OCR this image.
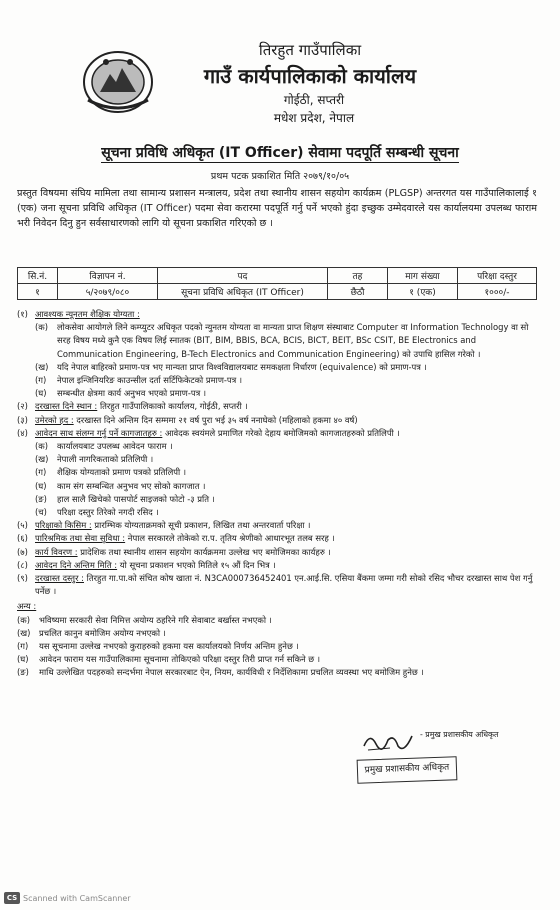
तिरहुत गाउँपालिका
गाउँ कार्यपालिकाको कार्यालय
गोईठी, सप्तरी
मधेश प्रदेश, नेपाल
सूचना प्रविधि अधिकृत (IT Officer) सेवामा पदपूर्ति सम्बन्धी सूचना
प्रथम पटक प्रकाशित मिति २०७९/१०/०५
प्रस्तुत विषयमा संघिय मामिला तथा सामान्य प्रशासन मन्त्रालय, प्रदेश तथा स्थानीय शासन सहयोग कार्यक्रम (PLGSP) अन्तरगत यस गाउँपालिकालाई १ (एक) जना सूचना प्रविधि अधिकृत (IT Officer) पदमा सेवा करारमा पदपूर्ति गर्नु पर्ने भएको हुंदा इच्छुक उम्मेदवारले यस कार्यालयमा उपलब्ध फाराम भरी निवेदन दिनु हुन सर्वसाधारणको लागि यो सूचना प्रकाशित गरिएको छ ।
सि.नं.	विज्ञापन नं.	पद	तह	माग संख्या	परिक्षा दस्तुर
१	५/२०७९/०८०	सूचना प्रविधि अधिकृत (IT Officer)	छैठौ	१ (एक)	१०००/-
(१) आवश्यक न्यूनतम शैक्षिक योग्यता :
(क)	लोकसेवा आयोगले लिने कम्प्युटर अधिकृत पदको न्युनतम योग्यता वा मान्यता प्राप्त शिक्षण संस्थाबाट Computer वा Information Technology वा सो सरह विषय मध्ये कुनै एक विषय लिई स्नातक (BIT, BIM, BBIS, BCA, BCIS, BICT, BEIT, BSc CSIT, BE Electronics and Communication Engineering, B-Tech Electronics and Communication Engineering) को उपाधि हासिल गरेको ।
(ख)	यदि नेपाल बाहिरको प्रमाण-पत्र भए मान्यता प्राप्त विश्वविद्यालयबाट समकक्षता निर्धारण (equivalence) को प्रमाण-पत्र ।
(ग)	नेपाल इन्जिनियरिङ काउन्सील दर्ता सर्टिफिकेटको प्रमाण-पत्र ।
(घ)	सम्बन्धीत क्षेत्रमा कार्य अनुभव भएको प्रमाण-पत्र ।
(२) दरखास्त दिने स्थान : तिरहुत गाउँपालिकाको कार्यालय, गोईठी, सप्तरी ।
(३) उमेरको हद : दरखास्त दिने अन्तिम दिन सम्ममा २१ वर्ष पुरा भई ३५ वर्ष ननाघेको (महिलाको हकमा ४० वर्ष)
(४) आवेदन साथ संलग्न गर्नु पर्ने कागजातहरु : आवेदक स्वयंमले प्रमाणित गरेको देहाय बमोजिमको कागजातहरुको प्रतिलिपी ।
(क)	कार्यालयबाट उपलब्ध आवेदन फाराम ।
(ख)	नेपाली नागरिकताको प्रतिलिपी ।
(ग)	शैक्षिक योग्यताको प्रमाण पत्रको प्रतिलिपी ।
(घ)	काम संग सम्बन्धित अनुभव भए सोको कागजात ।
(ङ)	हाल सालै खिचेको पासपोर्ट साइजको फोटो -३ प्रति ।
(च)	परिक्षा दस्तुर तिरेको नगदी रसिद ।
(५) परिक्षाको किसिम : प्रारम्भिक योग्यताक्रमको सूची प्रकाशन, लिखित तथा अन्तरवार्ता परिक्षा ।
(६) पारिश्रमिक तथा सेवा सुविधा : नेपाल सरकारले तोकेको रा.प. तृतिय श्रेणीको आधारभूत तलब सरह ।
(७) कार्य विवरण : प्रादेशिक तथा स्थानीय शासन सहयोग कार्यक्रममा उल्लेख भए बमोजिमका कार्यहरु ।
(८) आवेदन दिने अन्तिम मिति : यो सूचना प्रकाशन भएको मितिले १५ औं दिन भित्र ।
(९) दरखास्त दस्तुर : तिरहुत गा.पा.को संचित कोष खाता नं. N3CA000736452401 एन.आई.सि. एसिया बैंकमा जम्मा गरी सोको रसिद भौचर दरखास्त साथ पेश गर्नु पर्नेछ ।
अन्य :
(क)	भविष्यमा सरकारी सेवा निमित्त अयोग्य ठहरिने गरि सेवाबाट बर्खास्त नभएको ।
(ख)	प्रचलित कानुन बमोजिम अयोग्य नभएको ।
(ग)	यस सूचनामा उल्लेख नभएको कुराहरुको हकमा यस कार्यालयको निर्णय अन्तिम हुनेछ ।
(घ)	आवेदन फाराम यस गाउँपालिकामा सूचनामा तोकिएको परिक्षा दस्तुर तिरी प्राप्त गर्न सकिने छ ।
(ङ)	माथि उल्लेखित पदहरुको सन्दर्भमा नेपाल सरकारबाट ऐन, नियम, कार्यविधी र निर्देशिकामा प्रचलित व्यवस्था भए बमोजिम हुनेछ ।
- प्रमुख प्रशासकीय अधिकृत
प्रमुख प्रशासकीय अधिकृत
CS Scanned with CamScanner
